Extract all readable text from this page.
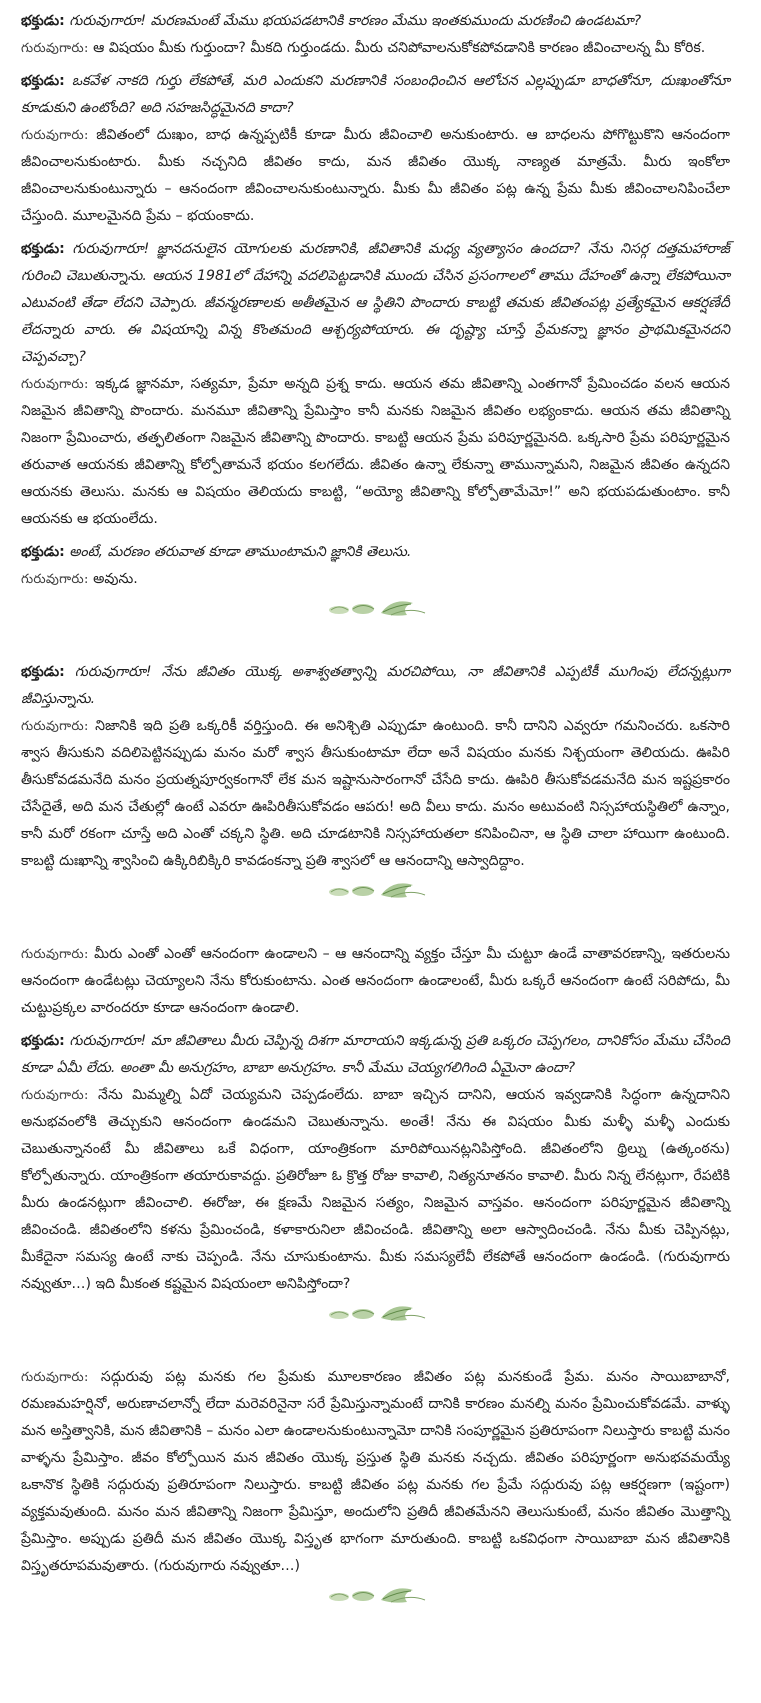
భక్తుడు: గురువుగారూ! మరణమంటే మేము భయపడటానికి కారణం మేము ఇంతకుముందు మరణించి ఉండటమా?

గురువుగారు: ఆ విషయం మీకు గుర్తుందా? మీకది గుర్తుండదు. మీరు చనిపోవాలనుకోకపోవడానికి కారణం జీవించాలన్న మీ కోరిక.

భక్తుడు: ఒకవేళ నాకది గుర్తు లేకపోతే, మరి ఎందుకని మరణానికి సంబంధించిన ఆలోచన ఎల్లప్పుడూ బాధతోనూ, దుఃఖంతోనూ కూడుకుని ఉంటోంది? అది సహజసిద్ధమైనది కాదా?

గురువుగారు: జీవితంలో దుఃఖం, బాధ ఉన్నప్పటికీ కూడా మీరు జీవించాలి అనుకుంటారు. ఆ బాధలను పోగొట్టుకొని ఆనందంగా జీవించాలనుకుంటారు. మీకు నచ్చనిది జీవితం కాదు, మన జీవితం యొక్క నాణ్యత మాత్రమే. మీరు ఇంకోలా జీవించాలనుకుంటున్నారు – ఆనందంగా జీవించాలనుకుంటున్నారు. మీకు మీ జీవితం పట్ల ఉన్న ప్రేమ మీకు జీవించాలనిపించేలా చేస్తుంది. మూలమైనది ప్రేమ – భయంకాదు.

భక్తుడు: గురువుగారూ! జ్ఞానదనులైన యోగులకు మరణానికి, జీవితానికి మధ్య వ్యత్యాసం ఉందదా? నేను నిసర్గ దత్తమహారాజ్ గురించి చెబుతున్నాను. ఆయన 1981లో దేహాన్ని వదలిపెట్టడానికి ముందు చేసిన ప్రసంగాలలో తాము దేహంతో ఉన్నా లేకపోయినా ఎటువంటి తేడా లేదని చెప్పారు. జీవన్మరణాలకు అతీతమైన ఆ స్థితిని పొందారు కాబట్టి తమకు జీవితంపట్ల ప్రత్యేకమైన ఆకర్షణేదీ లేదన్నారు వారు. ఈ విషయాన్ని విన్న కొంతమంది ఆశ్చర్యపోయారు. ఈ దృష్ట్యా చూస్తే ప్రేమకన్నా జ్ఞానం ప్రాథమికమైనదని చెప్పవచ్చా?

గురువుగారు: ఇక్కడ జ్ఞానమా, సత్యమా, ప్రేమా అన్నది ప్రశ్న కాదు. ఆయన తమ జీవితాన్ని ఎంతగానో ప్రేమించడం వలన ఆయన నిజమైన జీవితాన్ని పొందారు. మనమూ జీవితాన్ని ప్రేమిస్తాం కానీ మనకు నిజమైన జీవితం లభ్యంకాదు. ఆయన తమ జీవితాన్ని నిజంగా ప్రేమించారు, తత్ఫలితంగా నిజమైన జీవితాన్ని పొందారు. కాబట్టి ఆయన ప్రేమ పరిపూర్ణమైనది. ఒక్కసారి ప్రేమ పరిపూర్ణమైన తరువాత ఆయనకు జీవితాన్ని కోల్పోతామనే భయం కలగలేదు. జీవితం ఉన్నా లేకున్నా తామున్నామని, నిజమైన జీవితం ఉన్నదని ఆయనకు తెలుసు. మనకు ఆ విషయం తెలియదు కాబట్టి, “అయ్యో జీవితాన్ని కోల్పోతామేమో!” అని భయపడుతుంటాం. కానీ ఆయనకు ఆ భయంలేదు.

భక్తుడు: అంటే, మరణం తరువాత కూడా తాముంటామని జ్ఞానికి తెలుసు.

గురువుగారు: అవును.

భక్తుడు: గురువుగారూ! నేను జీవితం యొక్క అశాశ్వతత్వాన్ని మరచిపోయి, నా జీవితానికి ఎప్పటికీ ముగింపు లేదన్నట్లుగా జీవిస్తున్నాను.

గురువుగారు: నిజానికి ఇది ప్రతి ఒక్కరికీ వర్తిస్తుంది. ఈ అనిశ్చితి ఎప్పుడూ ఉంటుంది. కానీ దానిని ఎవ్వరూ గమనించరు. ఒకసారి శ్వాస తీసుకుని వదిలిపెట్టినప్పుడు మనం మరో శ్వాస తీసుకుంటామా లేదా అనే విషయం మనకు నిశ్చయంగా తెలియదు. ఊపిరి తీసుకోవడమనేది మనం ప్రయత్నపూర్వకంగానో లేక మన ఇష్టానుసారంగానో చేసేది కాదు. ఊపిరి తీసుకోవడమనేది మన ఇష్టప్రకారం చేసేదైతే, అది మన చేతుల్లో ఉంటే ఎవరూ ఊపిరితీసుకోవడం ఆపరు! అది వీలు కాదు. మనం అటువంటి నిస్సహాయస్థితిలో ఉన్నాం, కానీ మరో రకంగా చూస్తే అది ఎంతో చక్కని స్థితి. అది చూడటానికి నిస్సహాయతలా కనిపించినా, ఆ స్థితి చాలా హాయిగా ఉంటుంది. కాబట్టి దుఃఖాన్ని శ్వాసించి ఉక్కిరిబిక్కిరి కావడంకన్నా ప్రతి శ్వాసలో ఆ ఆనందాన్ని ఆస్వాదిద్దాం.

గురువుగారు: మీరు ఎంతో ఎంతో ఆనందంగా ఉండాలని – ఆ ఆనందాన్ని వ్యక్తం చేస్తూ మీ చుట్టూ ఉండే వాతావరణాన్ని, ఇతరులను ఆనందంగా ఉండేటట్లు చెయ్యాలని నేను కోరుకుంటాను. ఎంత ఆనందంగా ఉండాలంటే, మీరు ఒక్కరే ఆనందంగా ఉంటే సరిపోదు, మీ చుట్టుప్రక్కల వారందరూ కూడా ఆనందంగా ఉండాలి.

భక్తుడు: గురువుగారూ! మా జీవితాలు మీరు చెప్పిన్న దిశగా మారాయని ఇక్కడున్న ప్రతి ఒక్కరం చెప్పగలం, దానికోసం మేము చేసింది కూడా ఏమీ లేదు. అంతా మీ అనుగ్రహం, బాబా అనుగ్రహం. కానీ మేము చెయ్యగలిగింది ఏమైనా ఉందా?

గురువుగారు: నేను మిమ్మల్ని ఏదో చెయ్యమని చెప్పడంలేదు. బాబా ఇచ్చిన దానిని, ఆయన ఇవ్వడానికి సిద్ధంగా ఉన్నదానిని అనుభవంలోకి తెచ్చుకుని ఆనందంగా ఉండమని చెబుతున్నాను. అంతే! నేను ఈ విషయం మీకు మళ్ళీ మళ్ళీ ఎందుకు చెబుతున్నానంటే మీ జీవితాలు ఒకే విధంగా, యాంత్రికంగా మారిపోయినట్లనిపిస్తోంది. జీవితంలోని థ్రిల్ను (ఉత్కంఠను) కోల్పోతున్నారు. యాంత్రికంగా తయారుకావద్దు. ప్రతిరోజూ ఓ క్రొత్త రోజు కావాలి, నిత్యనూతనం కావాలి. మీరు నిన్న లేనట్లుగా, రేపటికి మీరు ఉండనట్లుగా జీవించాలి. ఈరోజు, ఈ క్షణమే నిజమైన సత్యం, నిజమైన వాస్తవం. ఆనందంగా పరిపూర్ణమైన జీవితాన్ని జీవించండి. జీవితంలోని కళను ప్రేమించండి, కళాకారునిలా జీవించండి. జీవితాన్ని అలా ఆస్వాదించండి. నేను మీకు చెప్పినట్లు, మీకేదైనా సమస్య ఉంటే నాకు చెప్పండి. నేను చూసుకుంటాను. మీకు సమస్యలేవీ లేకపోతే ఆనందంగా ఉండండి. (గురువుగారు నవ్వుతూ…) ఇది మీకంత కష్టమైన విషయంలా అనిపిస్తోందా?

గురువుగారు: సద్గురువు పట్ల మనకు గల ప్రేమకు మూలకారణం జీవితం పట్ల మనకుండే ప్రేమ. మనం సాయిబాబానో, రమణమహర్షినో, అరుణాచలాన్నో లేదా మరెవరినైనా సరే ప్రేమిస్తున్నామంటే దానికి కారణం మనల్ని మనం ప్రేమించుకోవడమే. వాళ్ళు మన అస్తిత్వానికి, మన జీవితానికి – మనం ఎలా ఉండాలనుకుంటున్నామో దానికి సంపూర్ణమైన ప్రతిరూపంగా నిలుస్తారు కాబట్టి మనం వాళ్ళను ప్రేమిస్తాం. జీవం కోల్పోయిన మన జీవితం యొక్క ప్రస్తుత స్థితి మనకు నచ్చదు. జీవితం పరిపూర్ణంగా అనుభవమయ్యే ఒకానొక స్థితికి సద్గురువు ప్రతిరూపంగా నిలుస్తారు. కాబట్టి జీవితం పట్ల మనకు గల ప్రేమే సద్గురువు పట్ల ఆకర్షణగా (ఇష్టంగా) వ్యక్తమవుతుంది. మనం మన జీవితాన్ని నిజంగా ప్రేమిస్తూ, అందులోని ప్రతిదీ జీవితమేనని తెలుసుకుంటే, మనం జీవితం మొత్తాన్ని ప్రేమిస్తాం. అప్పుడు ప్రతిదీ మన జీవితం యొక్క విస్తృత భాగంగా మారుతుంది. కాబట్టి ఒకవిధంగా సాయిబాబా మన జీవితానికి విస్తృతరూపమవుతారు. (గురువుగారు నవ్వుతూ…)
